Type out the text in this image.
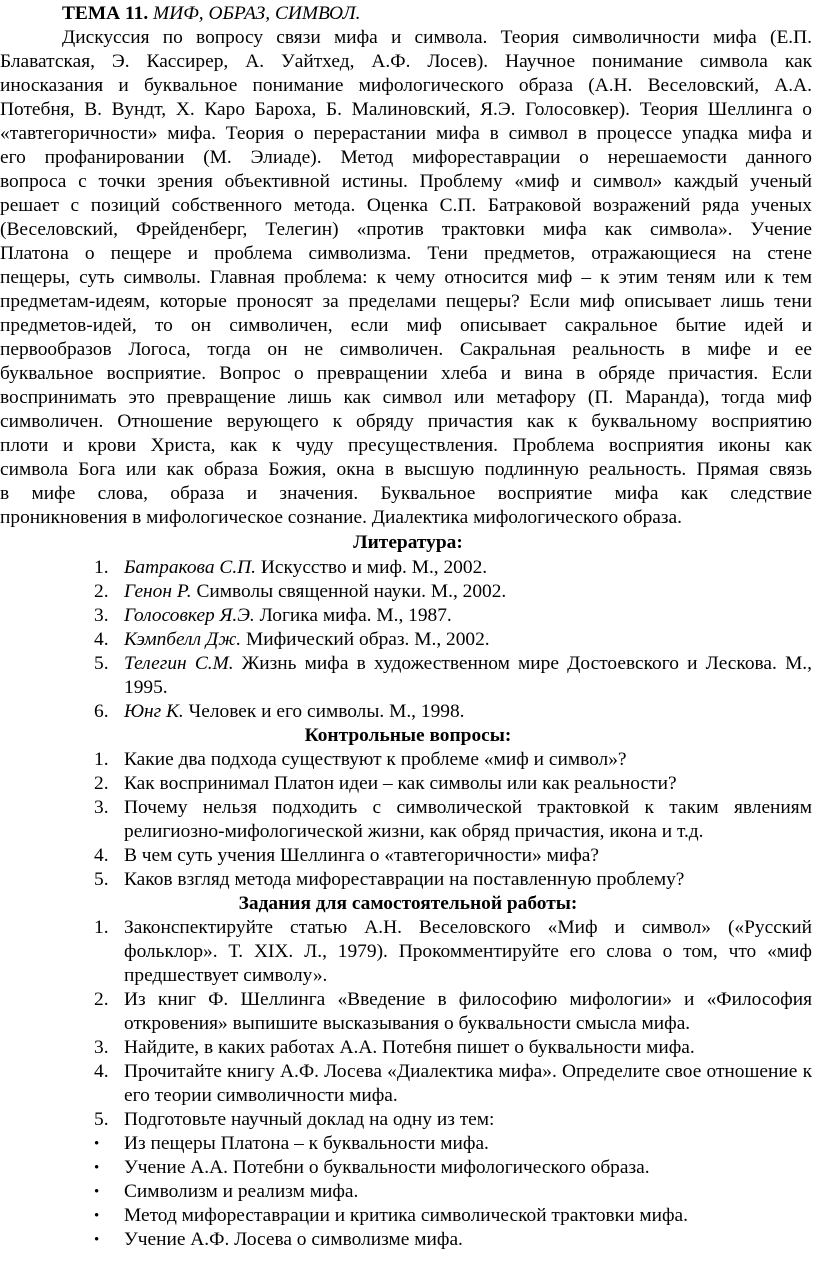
ТЕМА 11. МИФ, ОБРАЗ, СИМВОЛ.
Дискуссия по вопросу связи мифа и символа. Теория символичности мифа (Е.П.
Блаватская, Э. Кассирер, А. Уайтхед, А.Ф. Лосев). Научное понимание символа как
иносказания и буквальное понимание мифологического образа (А.Н. Веселовский, А.А.
Потебня, В. Вундт, Х. Каро Бароха, Б. Малиновский, Я.Э. Голосовкер). Теория Шеллинга о
«тавтегоричности» мифа. Теория о перерастании мифа в символ в процессе упадка мифа и
его профанировании (М. Элиаде). Метод мифореставрации о нерешаемости данного
вопроса с точки зрения объективной истины. Проблему «миф и символ» каждый ученый
решает с позиций собственного метода. Оценка С.П. Батраковой возражений ряда ученых
(Веселовский, Фрейденберг, Телегин) «против трактовки мифа как символа». Учение
Платона о пещере и проблема символизма. Тени предметов, отражающиеся на стене
пещеры, суть символы. Главная проблема: к чему относится миф – к этим теням или к тем
предметам-идеям, которые проносят за пределами пещеры? Если миф описывает лишь тени
предметов-идей, то он символичен, если миф описывает сакральное бытие идей и
первообразов Логоса, тогда он не символичен. Сакральная реальность в мифе и ее
буквальное восприятие. Вопрос о превращении хлеба и вина в обряде причастия. Если
воспринимать это превращение лишь как символ или метафору (П. Маранда), тогда миф
символичен. Отношение верующего к обряду причастия как к буквальному восприятию
плоти и крови Христа, как к чуду пресуществления. Проблема восприятия иконы как
символа Бога или как образа Божия, окна в высшую подлинную реальность. Прямая связь
в мифе слова, образа и значения. Буквальное восприятие мифа как следствие
проникновения в мифологическое сознание. Диалектика мифологического образа.
Литература:
1. Батракова С.П. Искусство и миф. М., 2002.
2. Генон Р. Символы священной науки. М., 2002.
3. Голосовкер Я.Э. Логика мифа. М., 1987.
4. Кэмпбелл Дж. Мифический образ. М., 2002.
5. Телегин С.М. Жизнь мифа в художественном мире Достоевского и Лескова. М., 1995.
6. Юнг К. Человек и его символы. М., 1998.
Контрольные вопросы:
1. Какие два подхода существуют к проблеме «миф и символ»?
2. Как воспринимал Платон идеи – как символы или как реальности?
3. Почему нельзя подходить с символической трактовкой к таким явлениям религиозно-мифологической жизни, как обряд причастия, икона и т.д.
4. В чем суть учения Шеллинга о «тавтегоричности» мифа?
5. Каков взгляд метода мифореставрации на поставленную проблему?
Задания для самостоятельной работы:
1. Законспектируйте статью А.Н. Веселовского «Миф и символ» («Русский фольклор». Т. XIX. Л., 1979). Прокомментируйте его слова о том, что «миф предшествует символу».
2. Из книг Ф. Шеллинга «Введение в философию мифологии» и «Философия откровения» выпишите высказывания о буквальности смысла мифа.
3. Найдите, в каких работах А.А. Потебня пишет о буквальности мифа.
4. Прочитайте книгу А.Ф. Лосева «Диалектика мифа». Определите свое отношение к его теории символичности мифа.
5. Подготовьте научный доклад на одну из тем:
•	Из пещеры Платона – к буквальности мифа.
•	Учение А.А. Потебни о буквальности мифологического образа.
•	Символизм и реализм мифа.
•	Метод мифореставрации и критика символической трактовки мифа.
•	Учение А.Ф. Лосева о символизме мифа.
